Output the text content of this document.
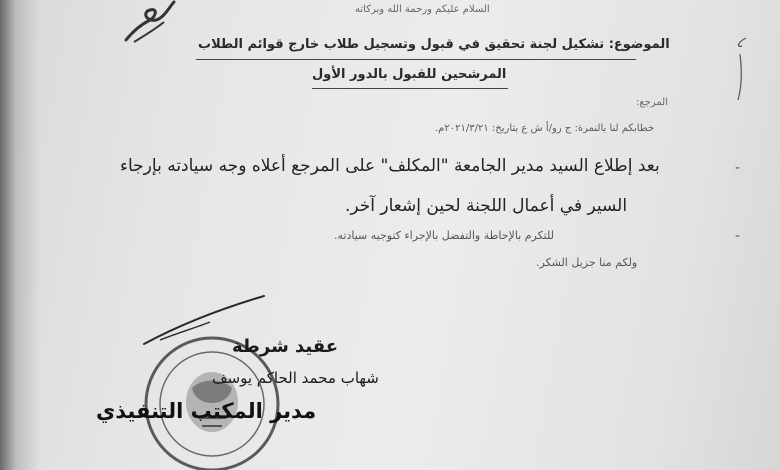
السلام عليكم ورحمة الله وبركاته
الموضوع: تشكيل لجنة تحقيق في قبول وتسجيل طلاب خارج قوائم الطلاب
المرشحين للقبول بالدور الأول
المرجع:
خطابكم لنا بالنمرة: ج رو/أ ش ع بتاريخ: ٢٠٢١/٣/٢١م.
-
بعد إطلاع السيد مدير الجامعة "المكلف" على المرجع أعلاه وجه سيادته بإرجاء
السير في أعمال اللجنة لحين إشعار آخر.
-
للتكرم بالإحاطة والتفضل بالإجراء كتوجيه سيادته.
ولكم منا جزيل الشكر.
عقيد شرطة
شهاب محمد الحاكم يوسف
مدير المكتب التنفيذي
